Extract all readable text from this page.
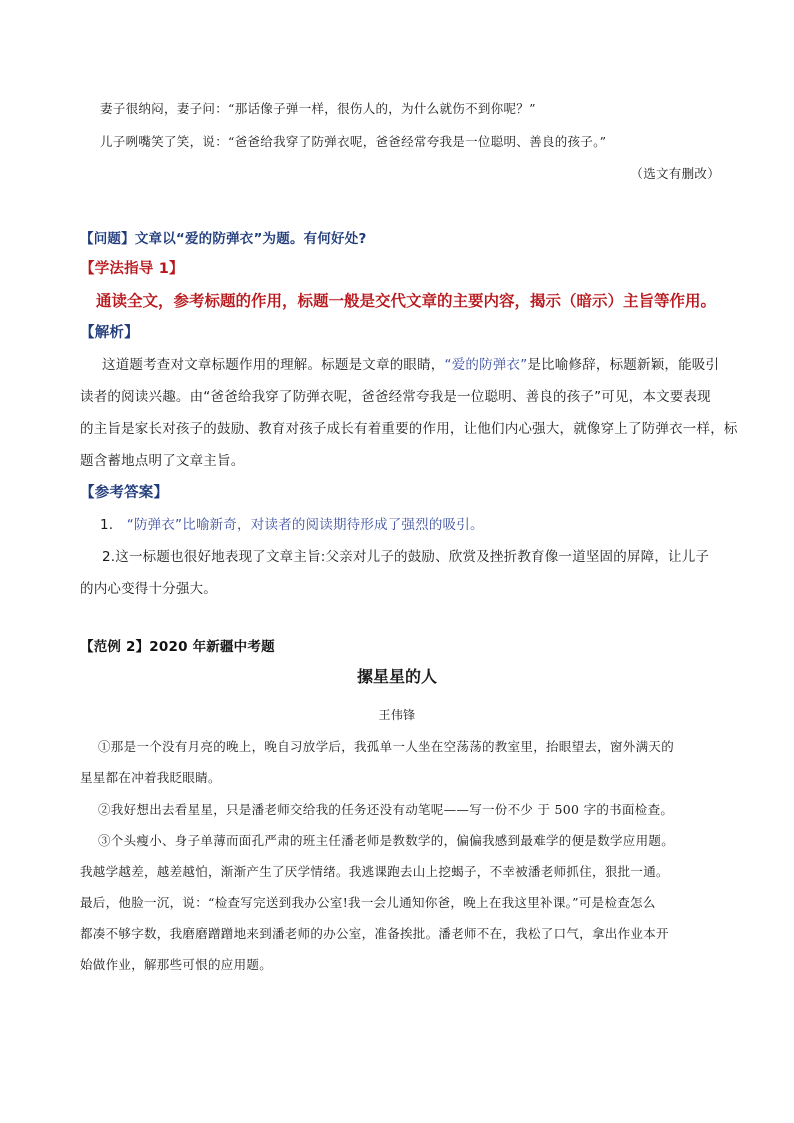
妻子很纳闷，妻子问：“那话像子弹一样，很伤人的，为什么就伤不到你呢？”
儿子咧嘴笑了笑，说：“爸爸给我穿了防弹衣呢，爸爸经常夸我是一位聪明、善良的孩子。”
（选文有删改）
【问题】文章以“爱的防弹衣”为题。有何好处?
【学法指导 1】
通读全文，参考标题的作用，标题一般是交代文章的主要内容，揭示（暗示）主旨等作用。
【解析】
这道题考查对文章标题作用的理解。标题是文章的眼睛，“爱的防弹衣”是比喻修辞，标题新颖，能吸引
读者的阅读兴趣。由“爸爸给我穿了防弹衣呢，爸爸经常夸我是一位聪明、善良的孩子”可见，本文要表现
的主旨是家长对孩子的鼓励、教育对孩子成长有着重要的作用，让他们内心强大，就像穿上了防弹衣一样，标
题含蓄地点明了文章主旨。
【参考答案】
1. “防弹衣”比喻新奇，对读者的阅读期待形成了强烈的吸引。
2.这一标题也很好地表现了文章主旨:父亲对儿子的鼓励、欣赏及挫折教育像一道坚固的屏障，让儿子
的内心变得十分强大。
【范例 2】2020 年新疆中考题
摞星星的人
王伟锋
①那是一个没有月亮的晚上，晚自习放学后，我孤单一人坐在空荡荡的教室里，抬眼望去，窗外满天的
星星都在冲着我眨眼睛。
②我好想出去看星星，只是潘老师交给我的任务还没有动笔呢——写一份不少 于 500 字的书面检查。
③个头瘦小、身子单薄而面孔严肃的班主任潘老师是教数学的，偏偏我感到最难学的便是数学应用题。
我越学越差，越差越怕，渐渐产生了厌学情绪。我逃课跑去山上挖蝎子，不幸被潘老师抓住，狠批一通。
最后，他脸一沉，说：“检查写完送到我办公室!我一会儿通知你爸，晚上在我这里补课。”可是检查怎么
都凑不够字数，我磨磨蹭蹭地来到潘老师的办公室，准备挨批。潘老师不在，我松了口气，拿出作业本开
始做作业，解那些可恨的应用题。
